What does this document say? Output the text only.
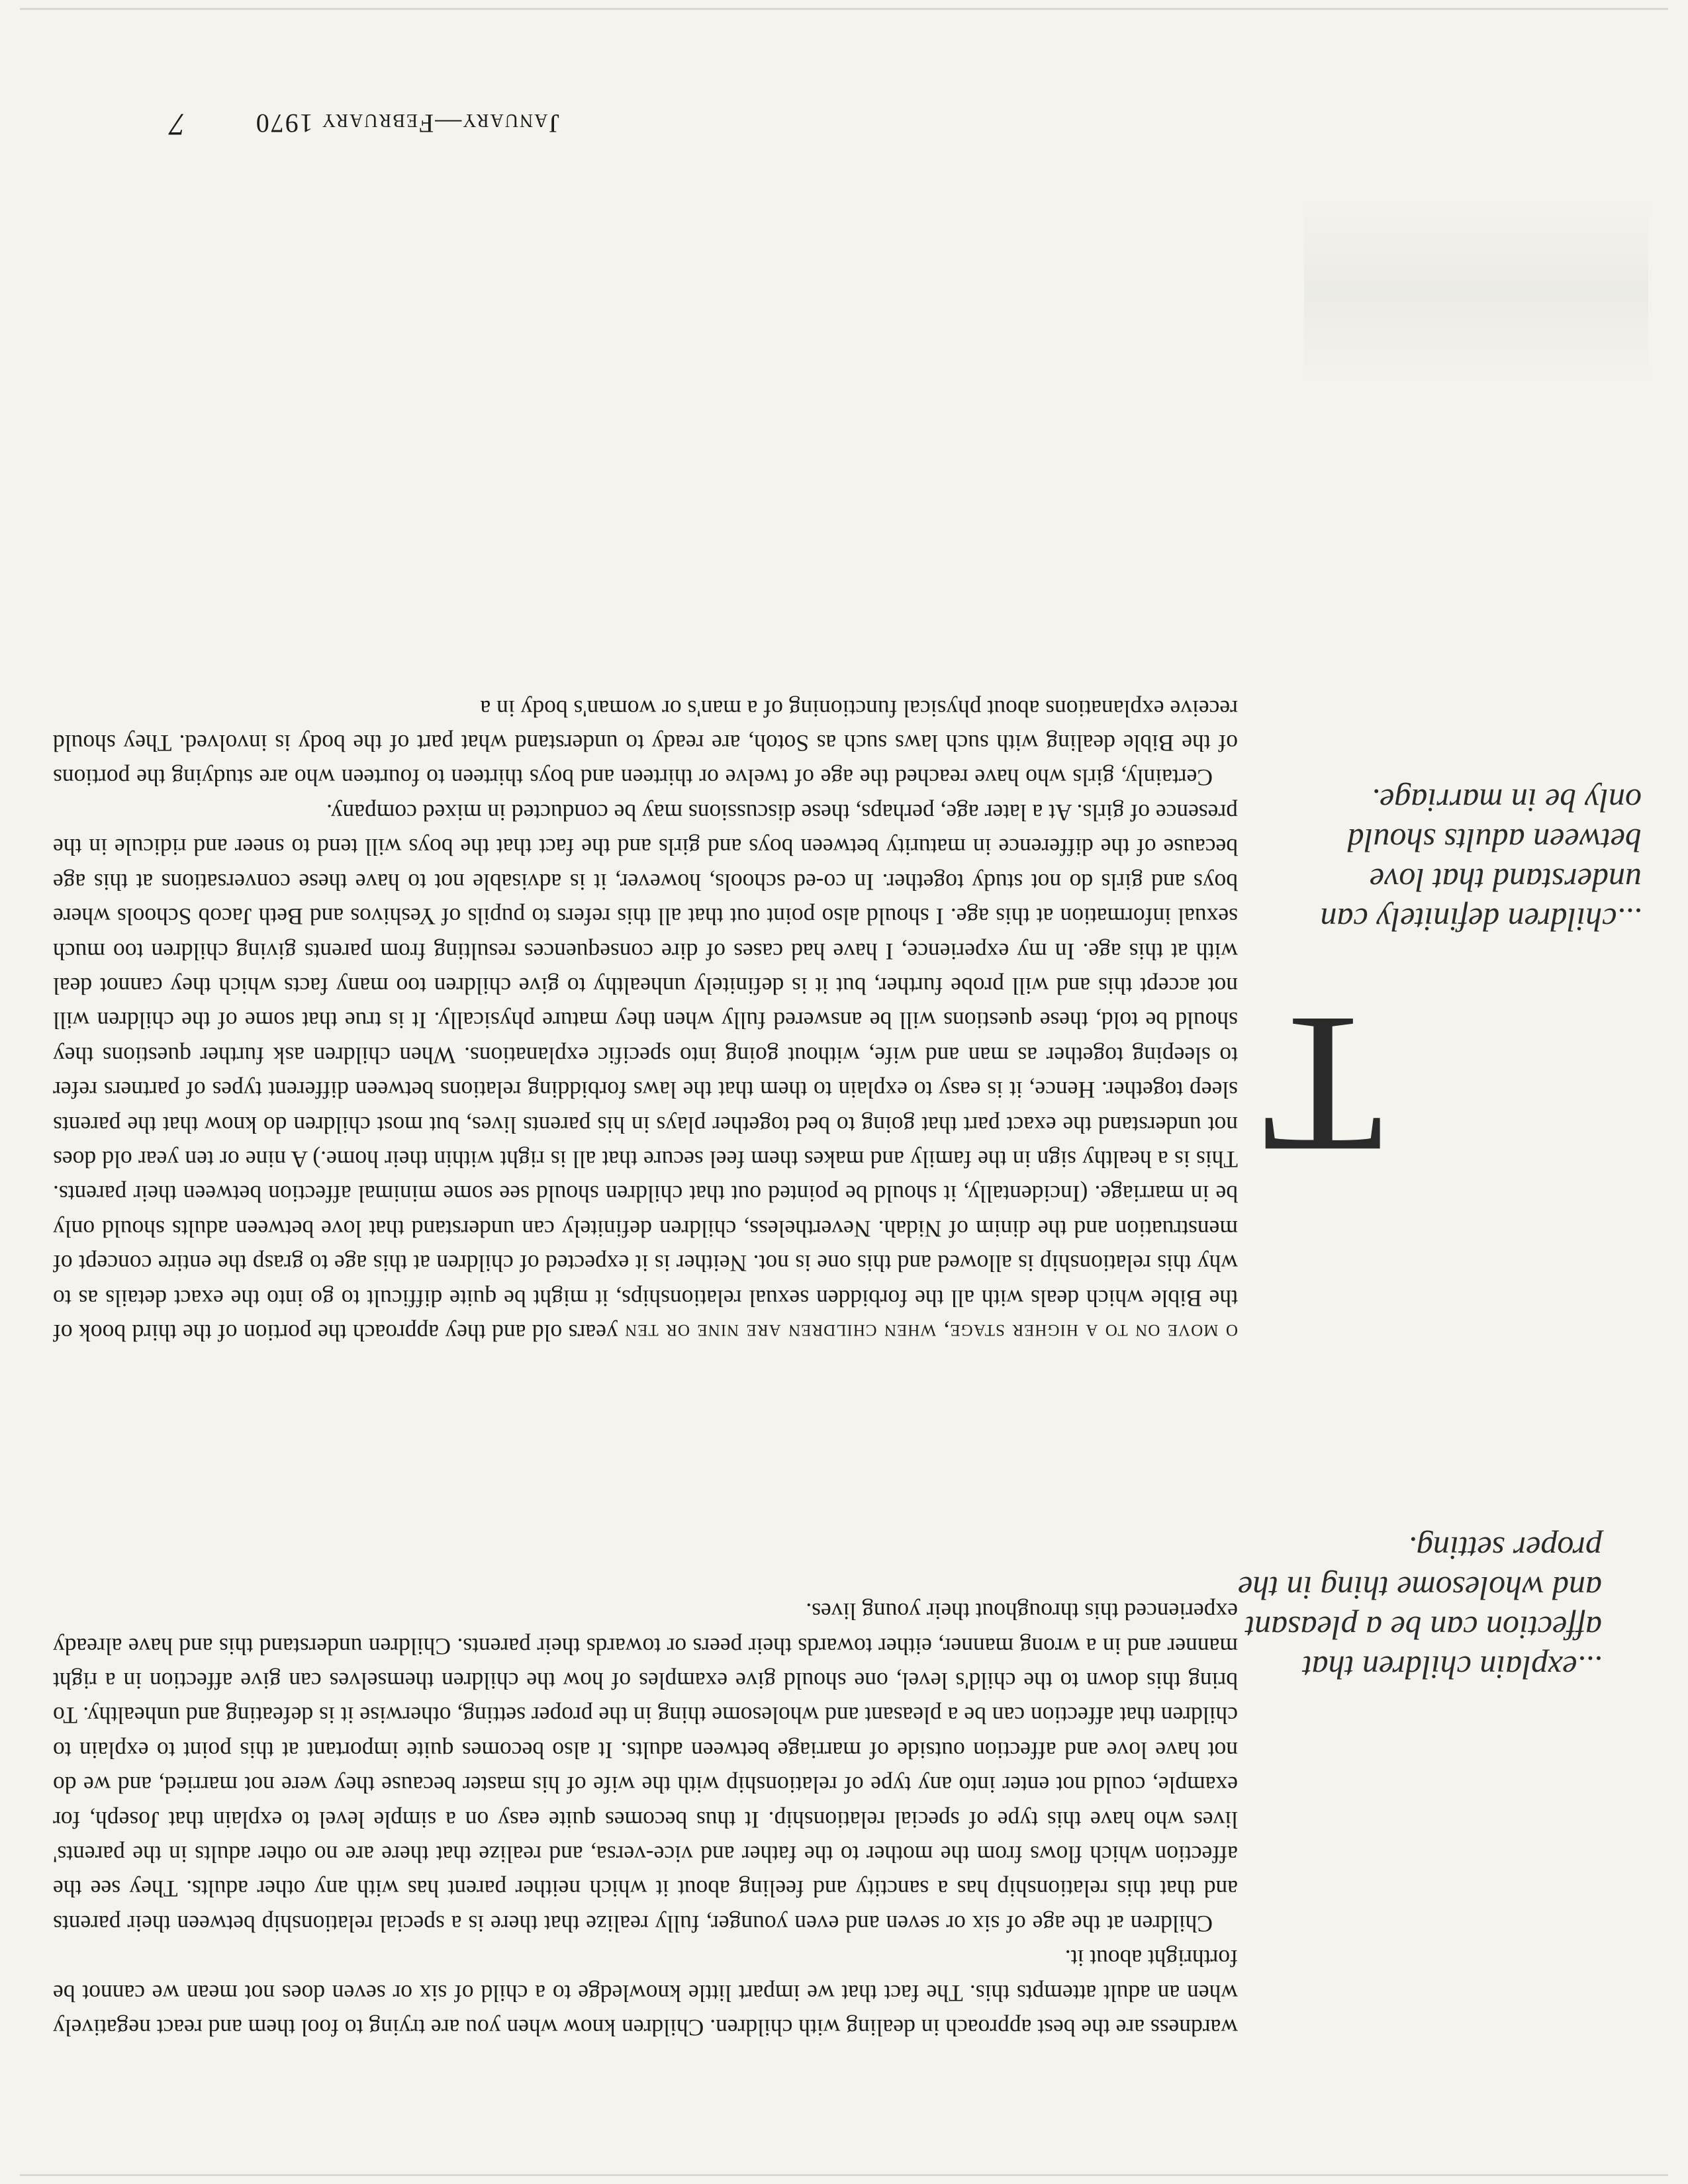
wardness are the best approach in dealing with children. Children know when you are trying to fool them and react negatively when an adult attempts this. The fact that we impart little knowledge to a child of six or seven does not mean we cannot be forthright about it.

Children at the age of six or seven and even younger, fully realize that there is a special relationship between their parents and that this relationship has a sanctity and feeling about it which neither parent has with any other adults. They see the affection which flows from the mother to the father and vice-versa, and realize that there are no other adults in the parents' lives who have this type of special relationship. It thus becomes quite easy on a simple level to explain that Joseph, for example, could not enter into any type of relationship with the wife of his master because they were not married, and we do not have love and affection outside of marriage between adults. It also becomes quite important at this point to explain to children that affection can be a pleasant and wholesome thing in the proper setting, otherwise it is defeating and unhealthy. To bring this down to the child's level, one should give examples of how the children themselves can give affection in a right manner and in a wrong manner, either towards their peers or towards their parents. Children understand this and have already experienced this throughout their young lives.

T

o move on to a higher stage, when children are nine or ten years old and they approach the portion of the third book of the Bible which deals with all the forbidden sexual relationships, it might be quite difficult to go into the exact details as to why this relationship is allowed and this one is not. Neither is it expected of children at this age to grasp the entire concept of menstruation and the dinim of Nidah. Nevertheless, children definitely can understand that love between adults should only be in marriage. (Incidentally, it should be pointed out that children should see some minimal affection between their parents. This is a healthy sign in the family and makes them feel secure that all is right within their home.) A nine or ten year old does not understand the exact part that going to bed together plays in his parents lives, but most children do know that the parents sleep together. Hence, it is easy to explain to them that the laws forbidding relations between different types of partners refer to sleeping together as man and wife, without going into specific explanations. When children ask further questions they should be told, these questions will be answered fully when they mature physically. It is true that some of the children will not accept this and will probe further, but it is definitely unhealthy to give children too many facts which they cannot deal with at this age. In my experience, I have had cases of dire consequences resulting from parents giving children too much sexual information at this age. I should also point out that all this refers to pupils of Yeshivos and Beth Jacob Schools where boys and girls do not study together. In co-ed schools, however, it is advisable not to have these conversations at this age because of the difference in maturity between boys and girls and the fact that the boys will tend to sneer and ridicule in the presence of girls. At a later age, perhaps, these discussions may be conducted in mixed company.

Certainly, girls who have reached the age of twelve or thirteen and boys thirteen to fourteen who are studying the portions of the Bible dealing with such laws such as Sotoh, are ready to understand what part of the body is involved. They should receive explanations about physical functioning of a man's or woman's body in a

...explain children that
affection can be a pleasant
and wholesome thing in the
proper setting.
...children definitely can
understand that love
between adults should
only be in marriage.
January—February 1970
7
